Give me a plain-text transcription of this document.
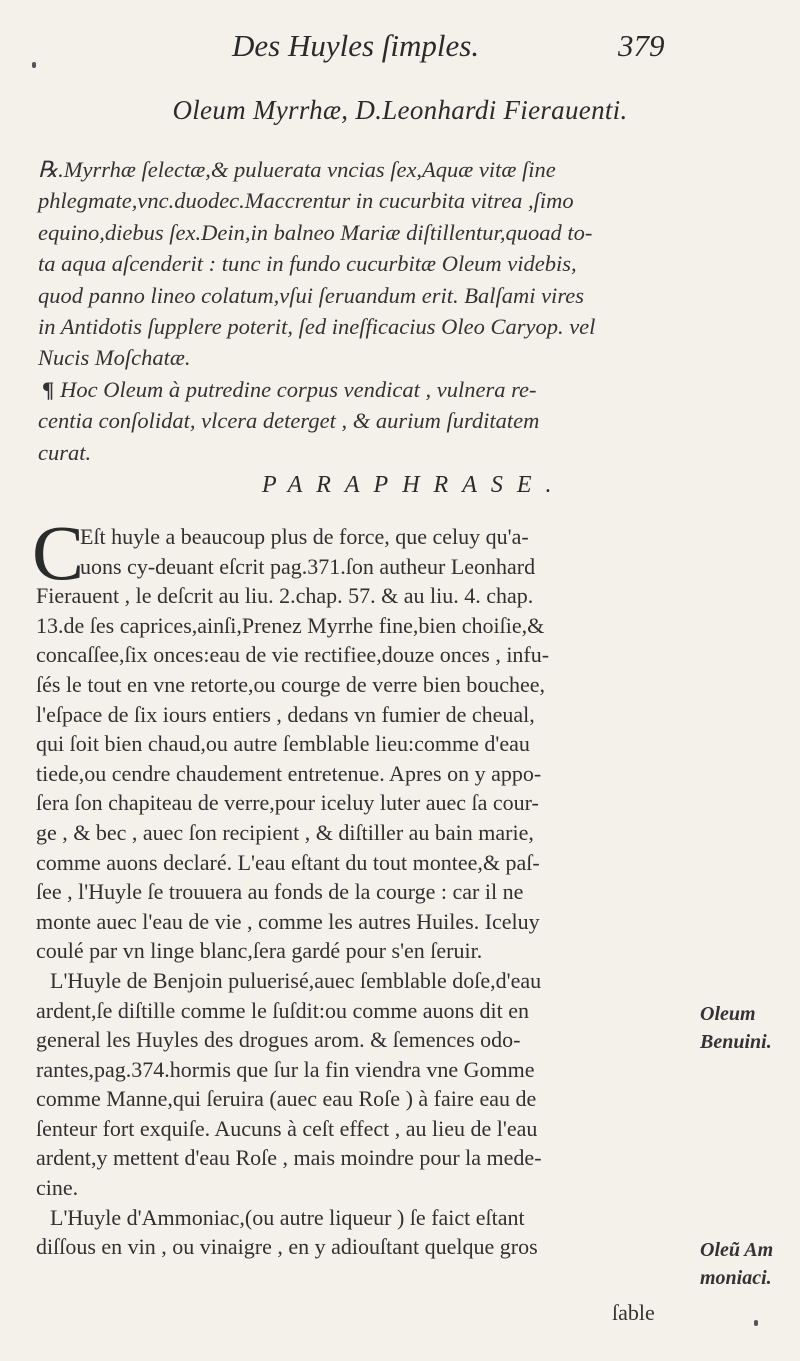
Des Huyles ſimples.	379
Oleum Myrrhæ, D.Leonhardi Fierauenti.
℞.Myrrhæ ſelectæ,& puluerata vncias ſex,Aquæ vitæ ſine
phlegmate,vnc.duodec.Maccrentur in cucurbita vitrea ,ſimo
equino,diebus ſex.Dein,in balneo Mariæ diſtillentur,quoad to-
ta aqua aſcenderit : tunc in fundo cucurbitæ Oleum videbis,
quod panno lineo colatum,vſui ſeruandum erit. Balſami vires
in Antidotis ſupplere poterit, ſed ineſficacius Oleo Caryop. vel
Nucis Moſchatæ.
¶ Hoc Oleum à putredine corpus vendicat , vulnera re-
centia conſolidat, vlcera deterget , & aurium ſurditatem
curat.
PARAPHRASE.
C
Eſt huyle a beaucoup plus de force, que celuy qu'a-
uons cy-deuant eſcrit pag.371.ſon autheur Leonhard
Fierauent , le deſcrit au liu. 2.chap. 57. & au liu. 4. chap.
13.de ſes caprices,ainſi,Prenez Myrrhe fine,bien choiſie,&
concaſſee,ſix onces:eau de vie rectifiee,douze onces , infu-
ſés le tout en vne retorte,ou courge de verre bien bouchee,
l'eſpace de ſix iours entiers , dedans vn fumier de cheual,
qui ſoit bien chaud,ou autre ſemblable lieu:comme d'eau
tiede,ou cendre chaudement entretenue. Apres on y appo-
ſera ſon chapiteau de verre,pour iceluy luter auec ſa cour-
ge , & bec , auec ſon recipient , & diſtiller au bain marie,
comme auons declaré. L'eau eſtant du tout montee,& paſ-
ſee , l'Huyle ſe trouuera au fonds de la courge : car il ne
monte auec l'eau de vie , comme les autres Huiles. Iceluy
coulé par vn linge blanc,ſera gardé pour s'en ſeruir.
L'Huyle de Benjoin puluerisé,auec ſemblable doſe,d'eau
ardent,ſe diſtille comme le ſuſdit:ou comme auons dit en
general les Huyles des drogues arom. & ſemences odo-
rantes,pag.374.hormis que ſur la fin viendra vne Gomme
comme Manne,qui ſeruira (auec eau Roſe ) à faire eau de
ſenteur fort exquiſe. Aucuns à ceſt effect , au lieu de l'eau
ardent,y mettent d'eau Roſe , mais moindre pour la mede-
cine.
L'Huyle d'Ammoniac,(ou autre liqueur ) ſe faict eſtant
diſſous en vin , ou vinaigre , en y adiouſtant quelque gros
Oleum
Benuini.
Oleũ Am
moniaci.
ſable
